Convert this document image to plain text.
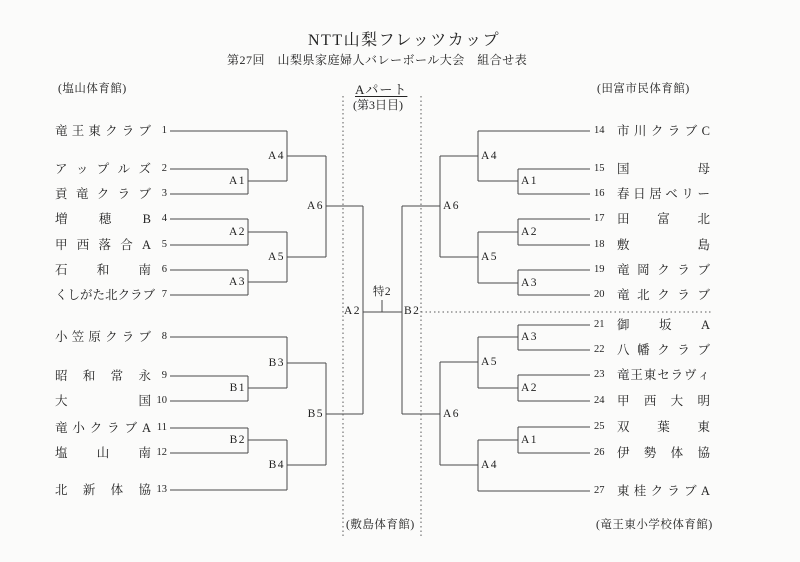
NTT山梨フレッツカップ
第27回　山梨県家庭婦人バレーボール大会　組合せ表
(塩山体育館)	Aパート
(第3日目)
(田富市民体育館)
(敷島体育館)	(竜王東小学校体育館)
竜 王 東 ク ラ ブ	1
ア ッ プ ル ズ	2
貢 竜 ク ラ ブ	3
増	穂	B	4
甲 西 落 合 A	5
石 和 南	6
く し が た 北 ク ラ ブ 7
小 笠 原 ク ラ ブ	8
昭 和 常 永	9
大	国 10
竜 小 ク ラ ブ A 11
塩 山 南 12
北 新 体 協 13
14	市 川 ク ラ ブ C
15	国	母
16	春 日 居 ベ リ ー
17	田 富 北
18	敷	島
19	竜 岡 ク ラ ブ
20	竜 北 ク ラ ブ
21	御 坂 A
22	八 幡 ク ラ ブ
23	竜 王 東 セ ラ ヴ ィ
24	甲 西 大 明
25	双 葉 東
26	伊 勢 体 協
27	東 桂 ク ラ ブ A
A4
A1
A6
A2
A5
A3
B3
B1
B5
B2
B4
A2	B2
特2
A4
A1
A6
A2
A5
A3
A3
A5
A2
A6
A1
A4
